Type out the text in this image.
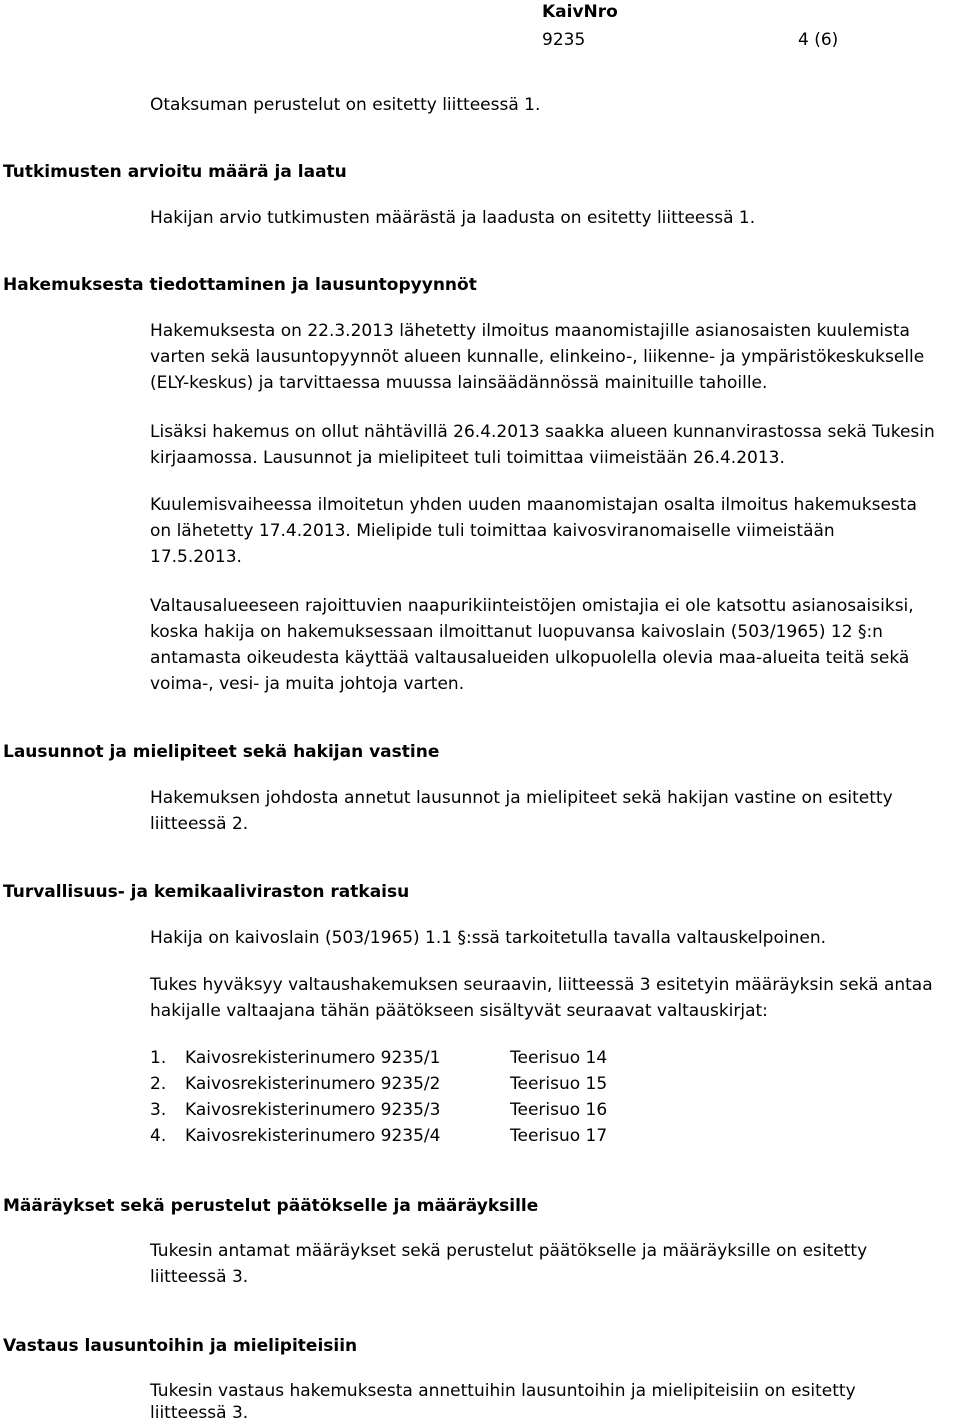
KaivNro
9235	4 (6)
Otaksuman perustelut on esitetty liitteessä 1.
Tutkimusten arvioitu määrä ja laatu
Hakijan arvio tutkimusten määrästä ja laadusta on esitetty liitteessä 1.
Hakemuksesta tiedottaminen ja lausuntopyynnöt
Hakemuksesta on 22.3.2013 lähetetty ilmoitus maanomistajille asianosaisten kuulemista
varten sekä lausuntopyynnöt alueen kunnalle, elinkeino-, liikenne- ja ympäristökeskukselle
(ELY-keskus) ja tarvittaessa muussa lainsäädännössä mainituille tahoille.
Lisäksi hakemus on ollut nähtävillä 26.4.2013 saakka alueen kunnanvirastossa sekä Tukesin
kirjaamossa. Lausunnot ja mielipiteet tuli toimittaa viimeistään 26.4.2013.
Kuulemisvaiheessa ilmoitetun yhden uuden maanomistajan osalta ilmoitus hakemuksesta
on lähetetty 17.4.2013. Mielipide tuli toimittaa kaivosviranomaiselle viimeistään
17.5.2013.
Valtausalueeseen rajoittuvien naapurikiinteistöjen omistajia ei ole katsottu asianosaisiksi,
koska hakija on hakemuksessaan ilmoittanut luopuvansa kaivoslain (503/1965) 12 §:n
antamasta oikeudesta käyttää valtausalueiden ulkopuolella olevia maa-alueita teitä sekä
voima-, vesi- ja muita johtoja varten.
Lausunnot ja mielipiteet sekä hakijan vastine
Hakemuksen johdosta annetut lausunnot ja mielipiteet sekä hakijan vastine on esitetty
liitteessä 2.
Turvallisuus- ja kemikaaliviraston ratkaisu
Hakija on kaivoslain (503/1965) 1.1 §:ssä tarkoitetulla tavalla valtauskelpoinen.
Tukes hyväksyy valtaushakemuksen seuraavin, liitteessä 3 esitetyin määräyksin sekä antaa
hakijalle valtaajana tähän päätökseen sisältyvät seuraavat valtauskirjat:
1. Kaivosrekisterinumero 9235/1	Teerisuo 14
2. Kaivosrekisterinumero 9235/2	Teerisuo 15
3. Kaivosrekisterinumero 9235/3	Teerisuo 16
4. Kaivosrekisterinumero 9235/4	Teerisuo 17
Määräykset sekä perustelut päätökselle ja määräyksille
Tukesin antamat määräykset sekä perustelut päätökselle ja määräyksille on esitetty
liitteessä 3.
Vastaus lausuntoihin ja mielipiteisiin
Tukesin vastaus hakemuksesta annettuihin lausuntoihin ja mielipiteisiin on esitetty
liitteessä 3.
